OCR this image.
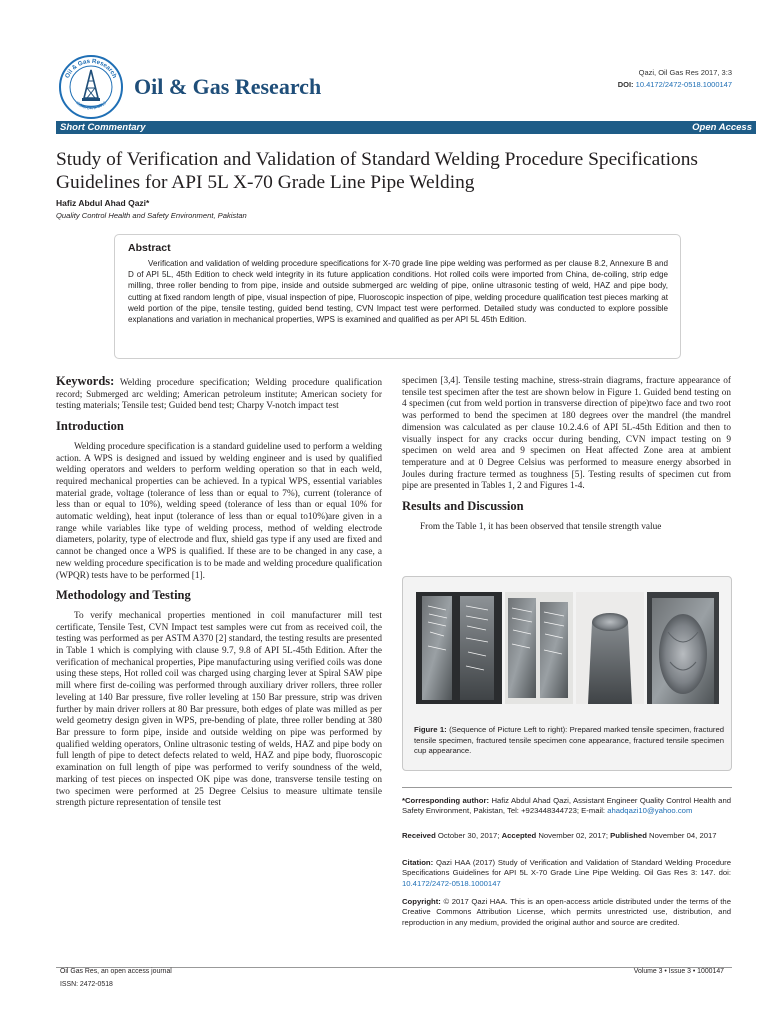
Oil & Gas Research
ISSN: 2472-0518
Oil & Gas Research
Qazi, Oil Gas Res 2017, 3:3
DOI: 10.4172/2472-0518.1000147
Short Commentary	Open Access
Study of Verification and Validation of Standard Welding Procedure Specifications Guidelines for API 5L X-70 Grade Line Pipe Welding
Hafiz Abdul Ahad Qazi*
Quality Control Health and Safety Environment, Pakistan
Abstract

Verification and validation of welding procedure specifications for X-70 grade line pipe welding was performed as per clause 8.2, Annexure B and D of API 5L, 45th Edition to check weld integrity in its future application conditions. Hot rolled coils were imported from China, de-coiling, strip edge milling, three roller bending to from pipe, inside and outside submerged arc welding of pipe, online ultrasonic testing of weld, HAZ and pipe body, cutting at fixed random length of pipe, visual inspection of pipe, Fluoroscopic inspection of pipe, welding procedure qualification test pieces marking at weld portion of the pipe, tensile testing, guided bend testing, CVN Impact test were performed. Detailed study was conducted to explore possible explanations and variation in mechanical properties, WPS is examined and qualified as per API 5L 45th Edition.

Keywords: Welding procedure specification; Welding procedure qualification record; Submerged arc welding; American petroleum institute; American society for testing materials; Tensile test; Guided bend test; Charpy V-notch impact test

Introduction

Welding procedure specification is a standard guideline used to perform a welding action. A WPS is designed and issued by welding engineer and is used by qualified welding operators and welders to perform welding operation so that in each weld, required mechanical properties can be achieved. In a typical WPS, essential variables material grade, voltage (tolerance of less than or equal to 7%), current (tolerance of less than or equal to 10%), welding speed (tolerance of less than or equal 10% for automatic welding), heat input (tolerance of less than or equal to10%)are given in a range while variables like type of welding process, method of welding electrode diameters, polarity, type of electrode and flux, shield gas type if any used are fixed and cannot be changed once a WPS is qualified. If these are to be changed in any case, a new welding procedure specification is to be made and welding procedure qualification (WPQR) tests have to be performed [1].

Methodology and Testing

To verify mechanical properties mentioned in coil manufacturer mill test certificate, Tensile Test, CVN Impact test samples were cut from as received coil, the testing was performed as per ASTM A370 [2] standard, the testing results are presented in Table 1 which is complying with clause 9.7, 9.8 of API 5L-45th Edition. After the verification of mechanical properties, Pipe manufacturing using verified coils was done using these steps, Hot rolled coil was charged using charging lever at Spiral SAW pipe mill where first de-coiling was performed through auxiliary driver rollers, three roller leveling at 140 Bar pressure, five roller leveling at 150 Bar pressure, strip was driven further by main driver rollers at 80 Bar pressure, both edges of plate was milled as per weld geometry design given in WPS, pre-bending of plate, three roller bending at 380 Bar pressure to form pipe, inside and outside welding on pipe was performed by qualified welding operators, Online ultrasonic testing of welds, HAZ and pipe body on full length of pipe to detect defects related to weld, HAZ and pipe body, fluoroscopic examination on full length of pipe was performed to verify soundness of the weld, marking of test pieces on inspected OK pipe was done, transverse tensile testing on two specimen were performed at 25 Degree Celsius to measure ultimate tensile strength picture representation of tensile test

specimen [3,4]. Tensile testing machine, stress-strain diagrams, fracture appearance of tensile test specimen after the test are shown below in Figure 1. Guided bend testing on 4 specimen (cut from weld portion in transverse direction of pipe)two face and two root was performed to bend the specimen at 180 degrees over the mandrel (the mandrel dimension was calculated as per clause 10.2.4.6 of API 5L-45th Edition and then to visually inspect for any cracks occur during bending, CVN impact testing on 9 specimen on weld area and 9 specimen on Heat affected Zone area at ambient temperature and at 0 Degree Celsius was performed to measure energy absorbed in Joules during fracture termed as toughness [5]. Testing results of specimen cut from pipe are presented in Tables 1, 2 and Figures 1-4.

Results and Discussion

From the Table 1, it has been observed that tensile strength value

Figure 1: (Sequence of Picture Left to right): Prepared marked tensile specimen, fractured tensile specimen, fractured tensile specimen cone appearance, fractured tensile specimen cup appearance.

*Corresponding author: Hafiz Abdul Ahad Qazi, Assistant Engineer Quality Control Health and Safety Environment, Pakistan, Tel: +923448344723; E-mail: ahadqazi10@yahoo.com

Received October 30, 2017; Accepted November 02, 2017; Published November 04, 2017

Citation: Qazi HAA (2017) Study of Verification and Validation of Standard Welding Procedure Specifications Guidelines for API 5L X-70 Grade Line Pipe Welding. Oil Gas Res 3: 147. doi: 10.4172/2472-0518.1000147

Copyright: © 2017 Qazi HAA. This is an open-access article distributed under the terms of the Creative Commons Attribution License, which permits unrestricted use, distribution, and reproduction in any medium, provided the original author and source are credited.

Oil Gas Res, an open access journal
ISSN: 2472-0518
Volume 3 • Issue 3 • 1000147
